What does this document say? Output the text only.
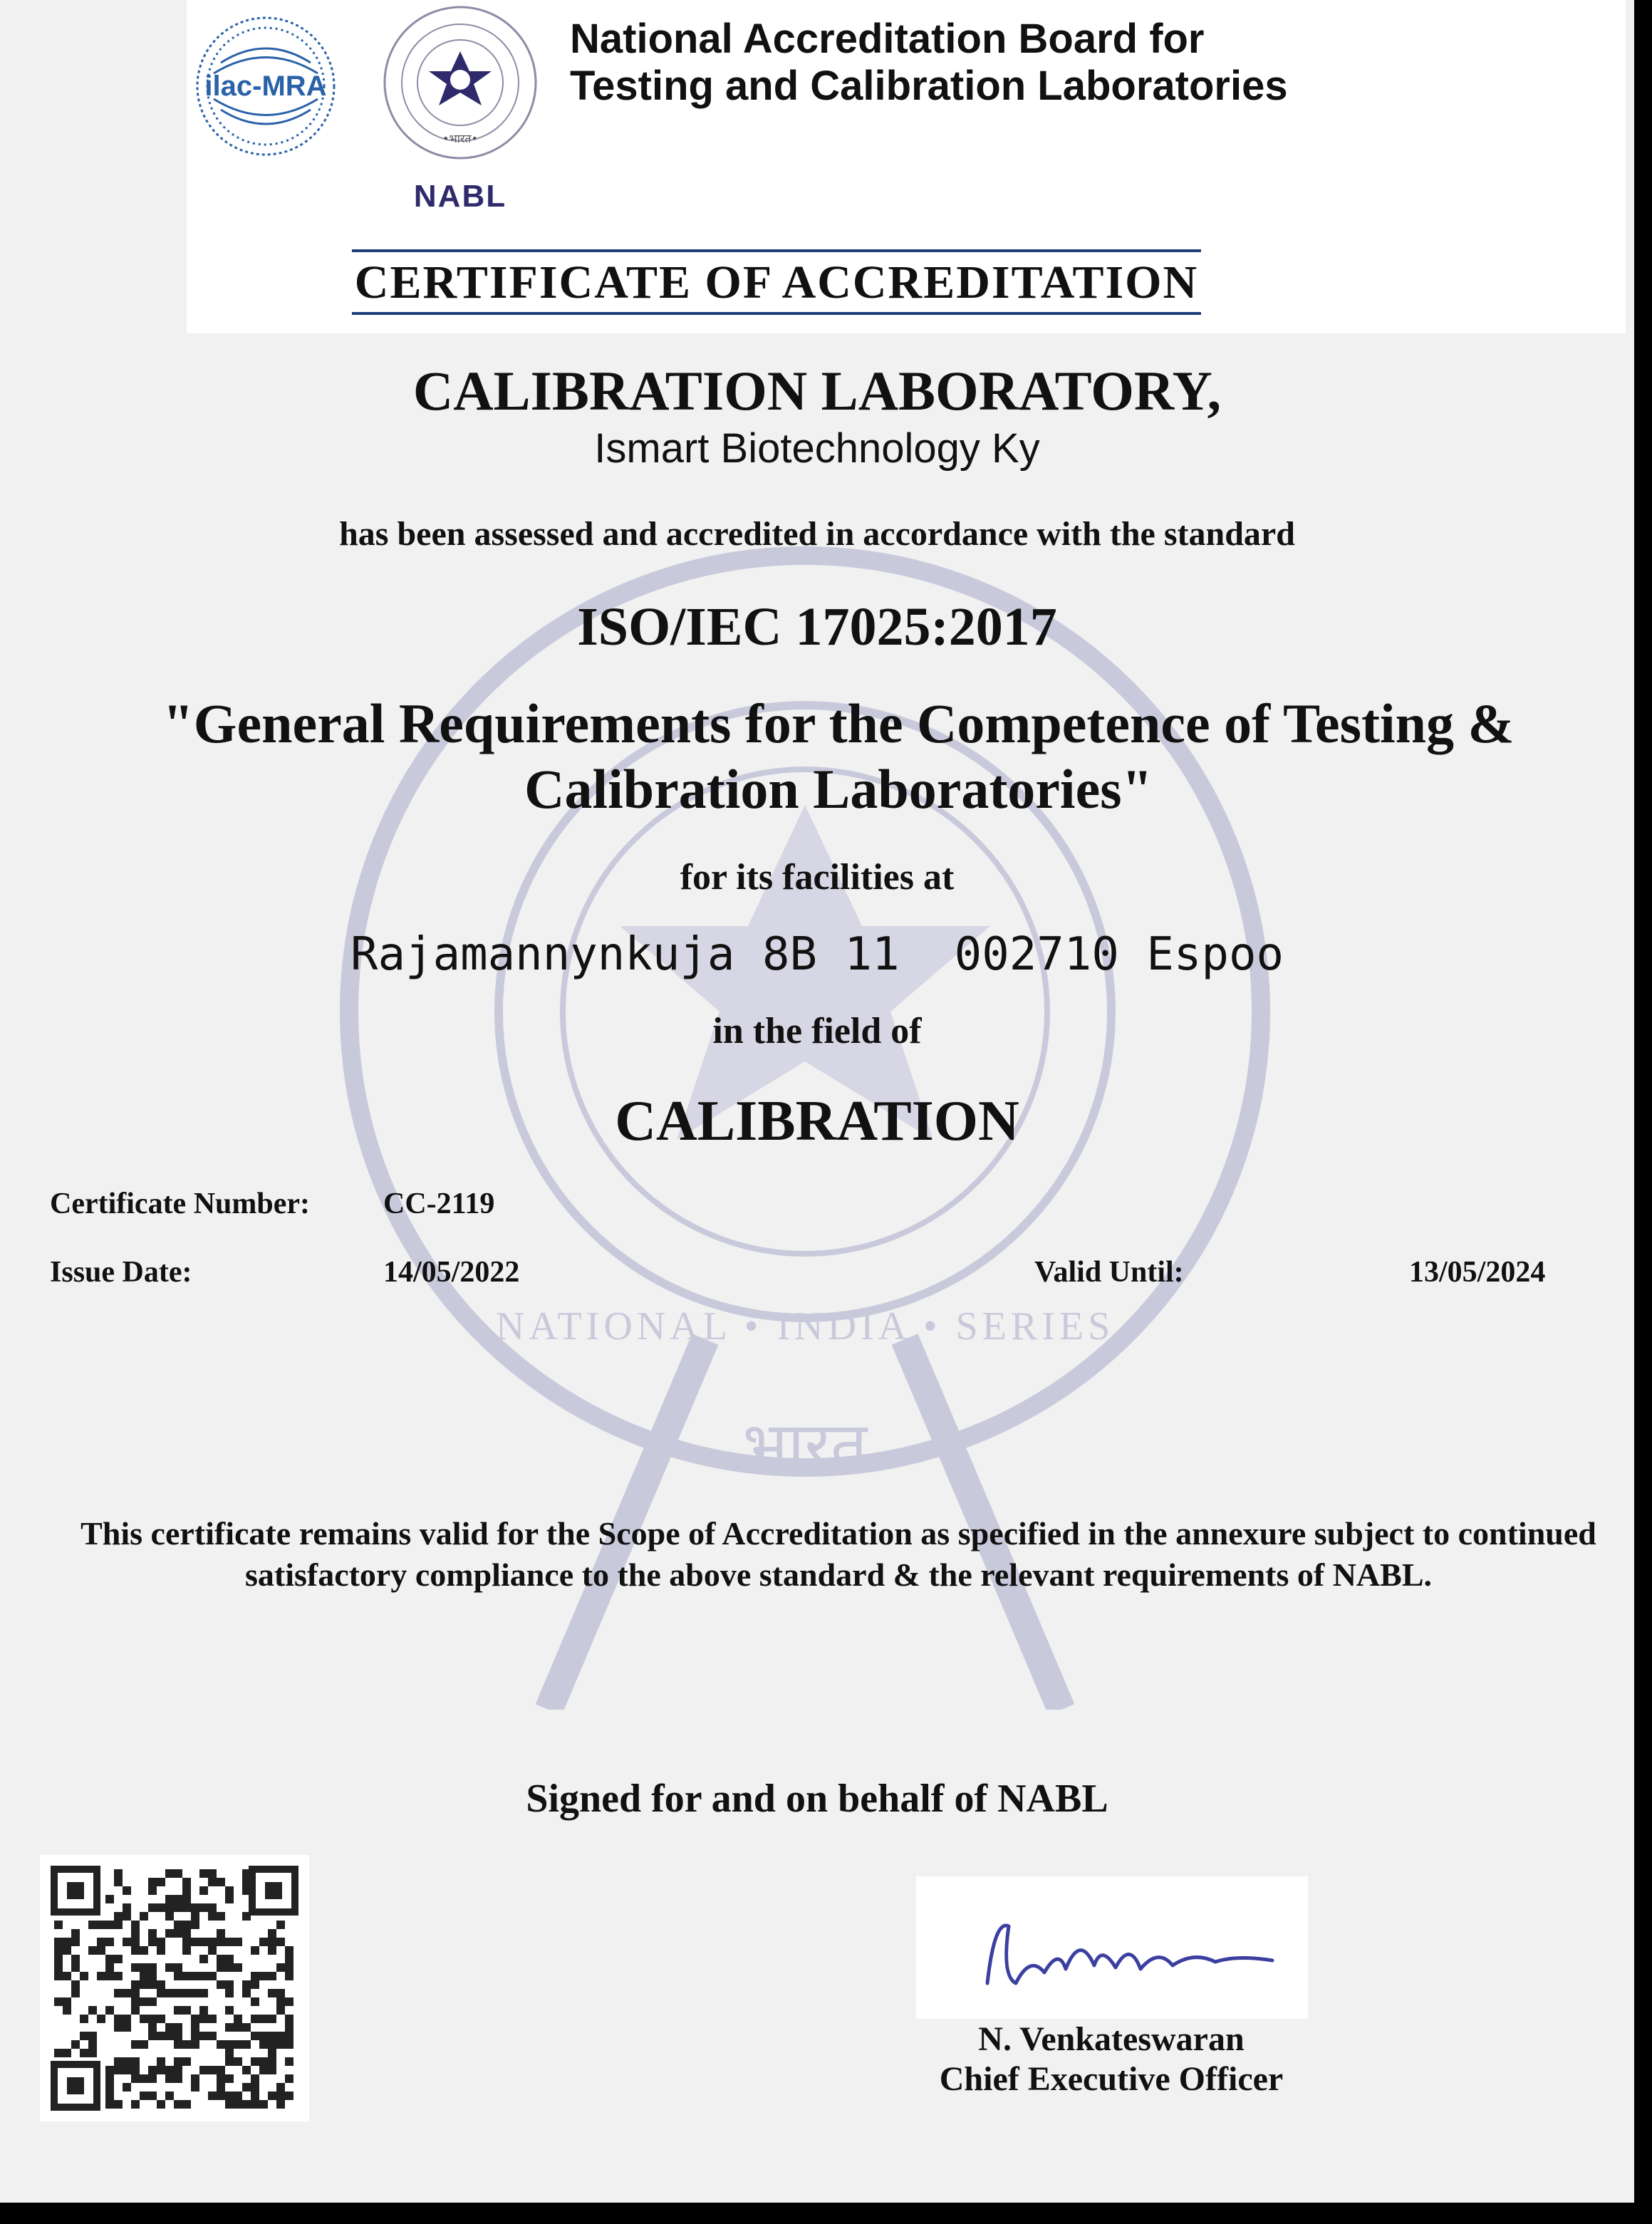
ilac-MRA
•भारत•
NABL
National Accreditation Board for
Testing and Calibration Laboratories
CERTIFICATE OF ACCREDITATION
NATIONAL • INDIA • SERIES
भारत
CALIBRATION LABORATORY,
Ismart Biotechnology Ky
has been assessed and accredited in accordance with the standard
ISO/IEC 17025:2017
"General Requirements for the Competence of Testing & Calibration Laboratories"
for its facilities at
Rajamannynkuja 8B 11  002710 Espoo
in the field of
CALIBRATION
Certificate Number: CC-2119
Issue Date:	14/05/2022	Valid Until:	13/05/2024
This certificate remains valid for the Scope of Accreditation as specified in the annexure subject to continued
satisfactory compliance to the above standard & the relevant requirements of NABL.
Signed for and on behalf of NABL
N. Venkateswaran
Chief Executive Officer
